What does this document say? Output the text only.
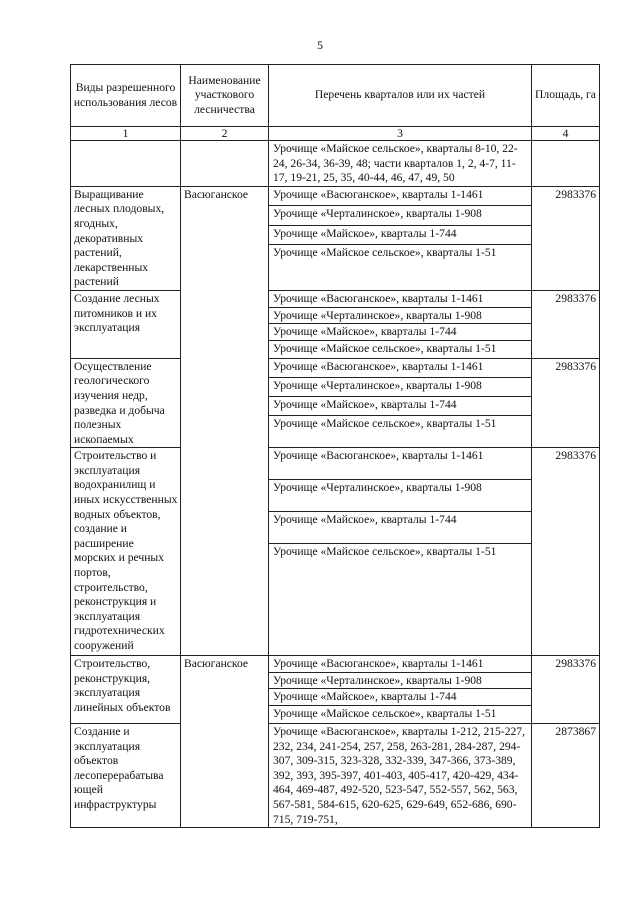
5
Виды разрешенного использования лесов	Наименование участкового лесничества	Перечень кварталов или их частей	Площадь, га
1	2	3	4
		Урочище «Майское сельское», кварталы 8-10, 22-24, 26-34, 36-39, 48; части кварталов 1, 2, 4-7, 11-17, 19-21, 25, 35, 40-44, 46, 47, 49, 50	
Выращивание лесных плодовых, ягодных, декоративных растений, лекарственных растений	Васюганское	Урочище «Васюганское», кварталы 1-1461	2983376
		Урочище «Черталинское», кварталы 1-908	
		Урочище «Майское», кварталы 1-744	
		Урочище «Майское сельское», кварталы 1-51	
Создание лесных питомников и их эксплуатация		Урочище «Васюганское», кварталы 1-1461	2983376
		Урочище «Черталинское», кварталы 1-908	
		Урочище «Майское», кварталы 1-744	
		Урочище «Майское сельское», кварталы 1-51	
Осуществление геологического изучения недр, разведка и добыча полезных ископаемых		Урочище «Васюганское», кварталы 1-1461	2983376
		Урочище «Черталинское», кварталы 1-908	
		Урочище «Майское», кварталы 1-744	
		Урочище «Майское сельское», кварталы 1-51	
Строительство и эксплуатация водохранилищ и иных искусственных водных объектов, создание и расширение морских и речных портов, строительство, реконструкция и эксплуатация гидротехнических сооружений		Урочище «Васюганское», кварталы 1-1461	2983376
		Урочище «Черталинское», кварталы 1-908	
		Урочище «Майское», кварталы 1-744	
		Урочище «Майское сельское», кварталы 1-51	
Строительство, реконструкция, эксплуатация линейных объектов	Васюганское	Урочище «Васюганское», кварталы 1-1461	2983376
		Урочище «Черталинское», кварталы 1-908	
		Урочище «Майское», кварталы 1-744	
		Урочище «Майское сельское», кварталы 1-51	
Создание и эксплуатация объектов лесоперерабатыва ющей инфраструктуры		Урочище «Васюганское», кварталы 1-212, 215-227, 232, 234, 241-254, 257, 258, 263-281, 284-287, 294-307, 309-315, 323-328, 332-339, 347-366, 373-389, 392, 393, 395-397, 401-403, 405-417, 420-429, 434-464, 469-487, 492-520, 523-547, 552-557, 562, 563, 567-581, 584-615, 620-625, 629-649, 652-686, 690-715, 719-751,	2873867
